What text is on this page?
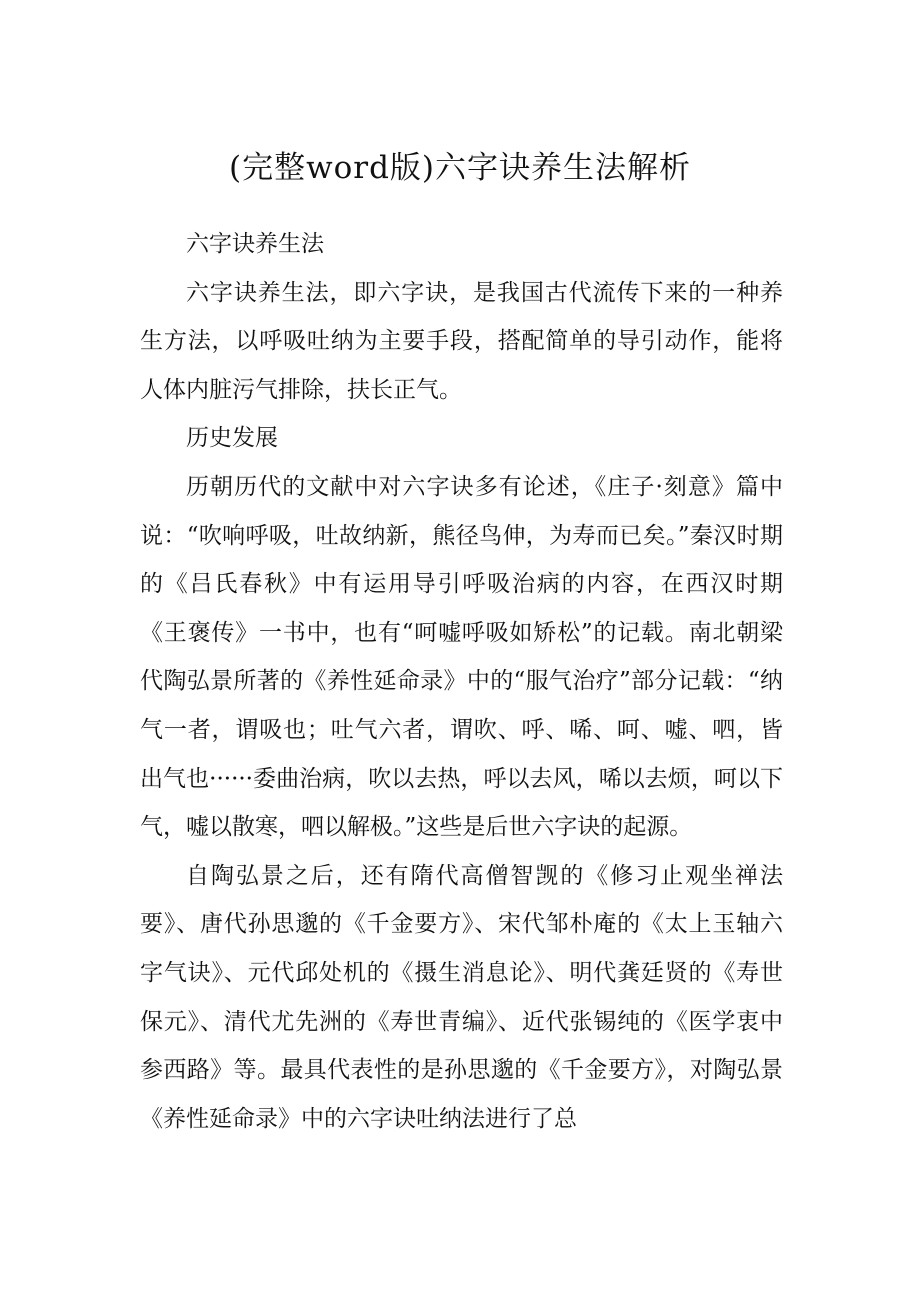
(完整word版)六字诀养生法解析

六字诀养生法

六字诀养生法，即六字诀，是我国古代流传下来的一种养生方法，以呼吸吐纳为主要手段，搭配简单的导引动作，能将人体内脏污气排除，扶长正气。

历史发展

历朝历代的文献中对六字诀多有论述，《庄子·刻意》篇中说：“吹响呼吸，吐故纳新，熊径鸟伸，为寿而已矣。”秦汉时期的《吕氏春秋》中有运用导引呼吸治病的内容，在西汉时期《王褒传》一书中，也有“呵嘘呼吸如矫松”的记载。南北朝梁代陶弘景所著的《养性延命录》中的“服气治疗”部分记载：“纳气一者，谓吸也；吐气六者，谓吹、呼、唏、呵、嘘、呬，皆出气也······委曲治病，吹以去热，呼以去风，唏以去烦，呵以下气，嘘以散寒，呬以解极。”这些是后世六字诀的起源。

自陶弘景之后，还有隋代高僧智觊的《修习止观坐禅法要》、唐代孙思邈的《千金要方》、宋代邹朴庵的《太上玉轴六字气诀》、元代邱处机的《摄生消息论》、明代龚廷贤的《寿世保元》、清代尤先洲的《寿世青编》、近代张锡纯的《医学衷中参西路》等。最具代表性的是孙思邈的《千金要方》，对陶弘景《养性延命录》中的六字诀吐纳法进行了总
